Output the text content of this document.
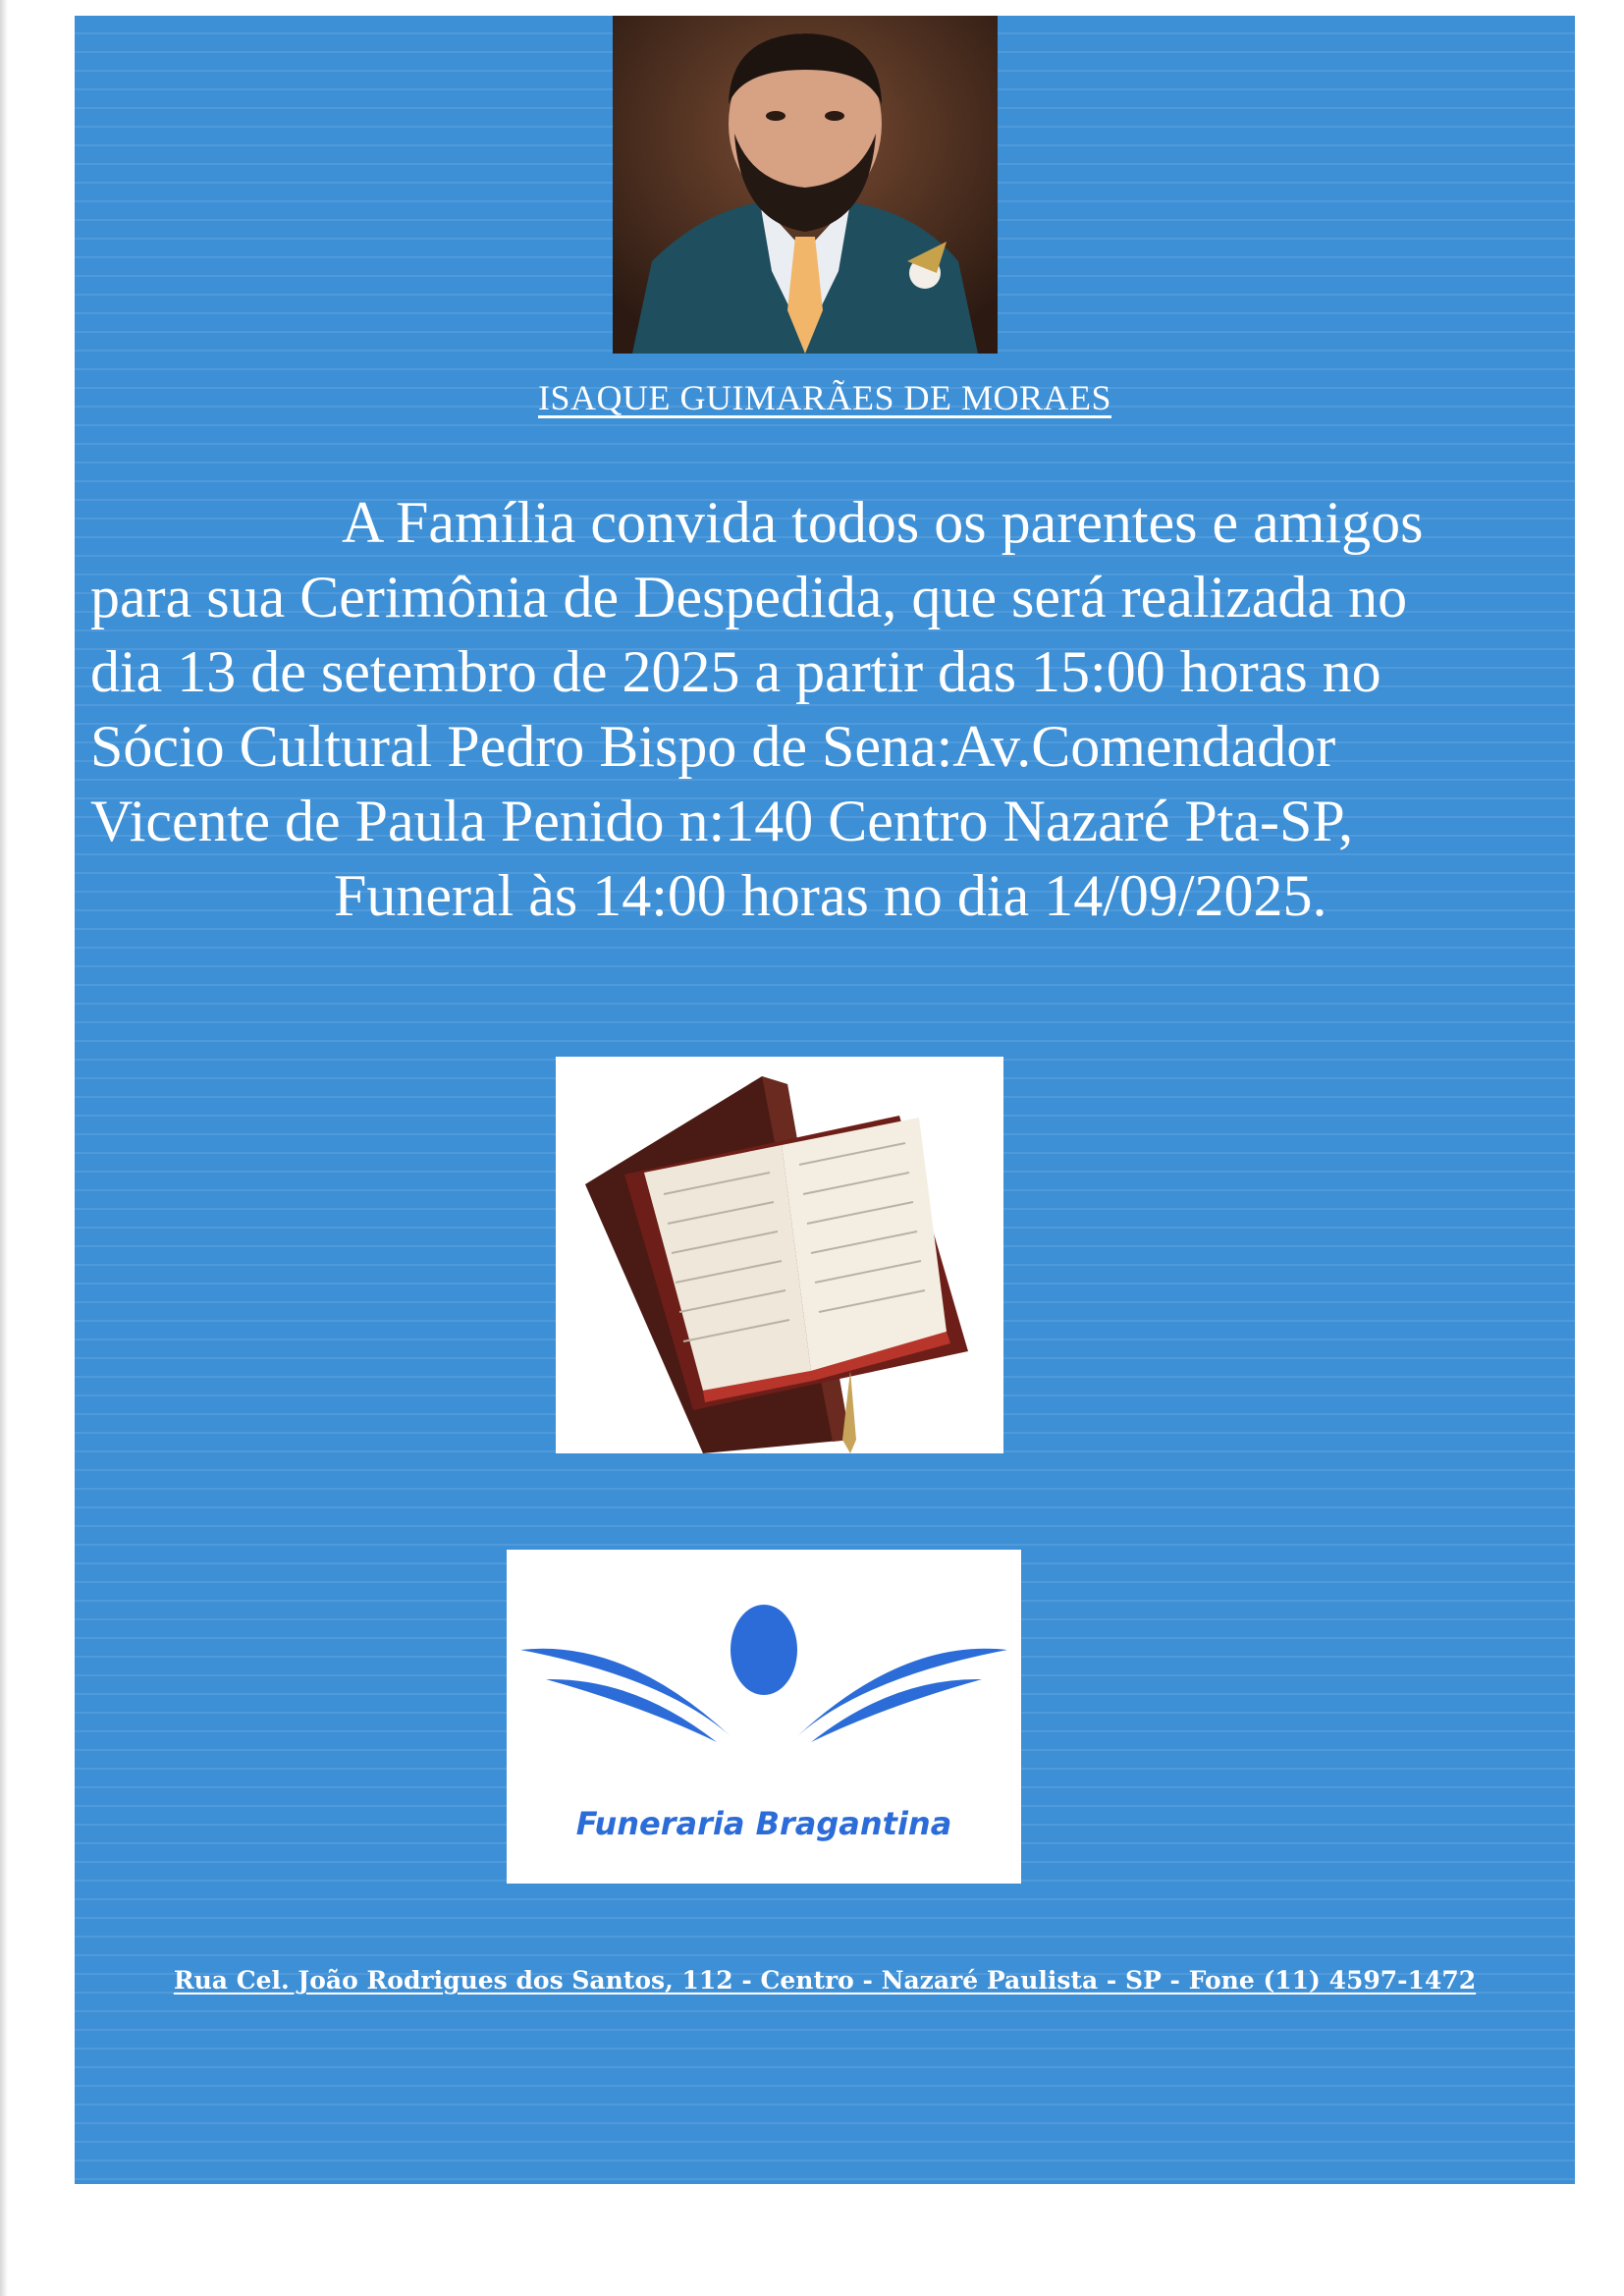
ISAQUE GUIMARÃES DE MORAES
A Família convida todos os parentes e amigos
para sua Cerimônia de Despedida, que será realizada no
dia 13 de setembro de 2025 a partir das 15:00 horas no
Sócio Cultural Pedro Bispo de Sena:Av.Comendador
Vicente de Paula Penido n:140 Centro Nazaré Pta-SP,
Funeral às 14:00 horas no dia 14/09/2025.
Funeraria Bragantina
Rua Cel. João Rodrigues dos Santos, 112 - Centro - Nazaré Paulista - SP - Fone (11) 4597-1472
